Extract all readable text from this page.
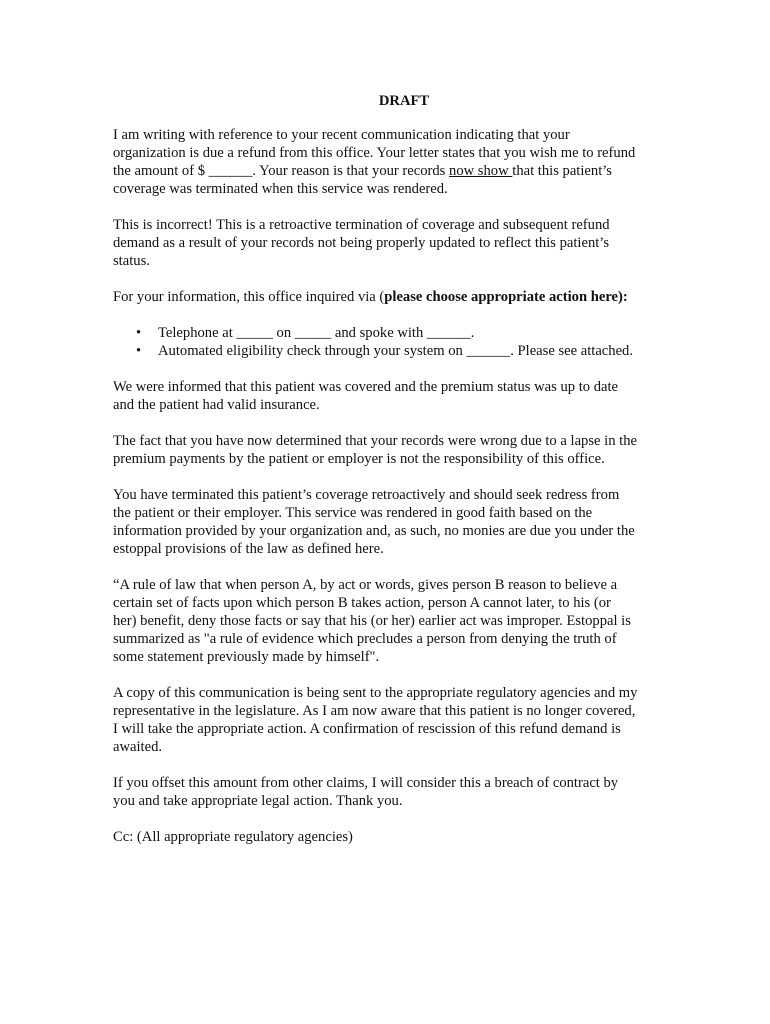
DRAFT
I am writing with reference to your recent communication indicating that your
organization is due a refund from this office. Your letter states that you wish me to refund
the amount of $ ______. Your reason is that your records now show that this patient’s
coverage was terminated when this service was rendered.
This is incorrect! This is a retroactive termination of coverage and subsequent refund
demand as a result of your records not being properly updated to reflect this patient’s
status.
For your information, this office inquired via (please choose appropriate action here):
• Telephone at _____ on _____ and spoke with ______.
• Automated eligibility check through your system on ______. Please see attached.
We were informed that this patient was covered and the premium status was up to date
and the patient had valid insurance.
The fact that you have now determined that your records were wrong due to a lapse in the
premium payments by the patient or employer is not the responsibility of this office.
You have terminated this patient’s coverage retroactively and should seek redress from
the patient or their employer. This service was rendered in good faith based on the
information provided by your organization and, as such, no monies are due you under the
estoppal provisions of the law as defined here.
“A rule of law that when person A, by act or words, gives person B reason to believe a
certain set of facts upon which person B takes action, person A cannot later, to his (or
her) benefit, deny those facts or say that his (or her) earlier act was improper. Estoppal is
summarized as "a rule of evidence which precludes a person from denying the truth of
some statement previously made by himself".
A copy of this communication is being sent to the appropriate regulatory agencies and my
representative in the legislature. As I am now aware that this patient is no longer covered,
I will take the appropriate action. A confirmation of rescission of this refund demand is
awaited.
If you offset this amount from other claims, I will consider this a breach of contract by
you and take appropriate legal action. Thank you.
Cc: (All appropriate regulatory agencies)
